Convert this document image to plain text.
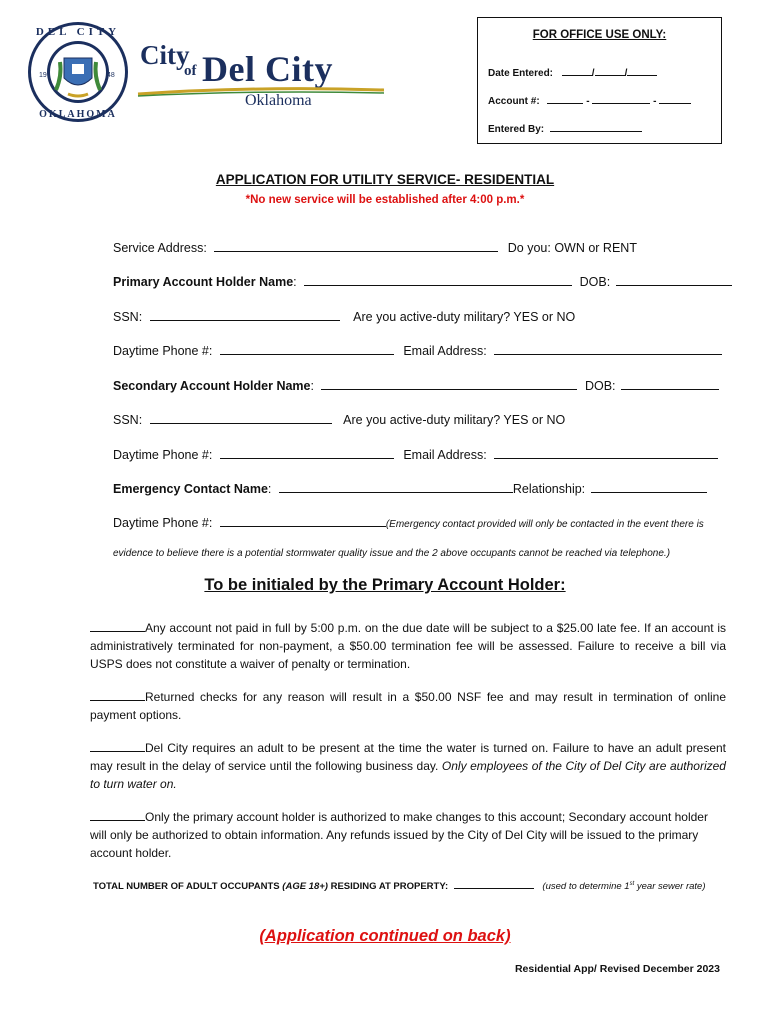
19	48
DEL CITY
OKLAHOMA
City
of Del City
Oklahoma
FOR OFFICE USE ONLY:
Date Entered:	/	/
Account #:	-	-
Entered By:
APPLICATION FOR UTILITY SERVICE- RESIDENTIAL
*No new service will be established after 4:00 p.m.*
Service Address:	Do you: OWN or RENT
Primary Account Holder Name:	DOB:
SSN:	Are you active-duty military? YES or NO
Daytime Phone #:	Email Address:
Secondary Account Holder Name:	DOB:
SSN:	Are you active-duty military? YES or NO
Daytime Phone #:	Email Address:
Emergency Contact Name:	Relationship:
Daytime Phone #:	(Emergency contact provided will only be contacted in the event there is
evidence to believe there is a potential stormwater quality issue and the 2 above occupants cannot be reached via telephone.)
To be initialed by the Primary Account Holder:
Any account not paid in full by 5:00 p.m. on the due date will be subject to a $25.00 late fee. If an account is administratively terminated for non-payment, a $50.00 termination fee will be assessed. Failure to receive a bill via USPS does not constitute a waiver of penalty or termination.
Returned checks for any reason will result in a $50.00 NSF fee and may result in termination of online payment options.
Del City requires an adult to be present at the time the water is turned on. Failure to have an adult present may result in the delay of service until the following business day. Only employees of the City of Del City are authorized to turn water on.
Only the primary account holder is authorized to make changes to this account; Secondary account holder will only be authorized to obtain information. Any refunds issued by the City of Del City will be issued to the primary account holder.
TOTAL NUMBER OF ADULT OCCUPANTS (AGE 18+) RESIDING AT PROPERTY:	(used to determine 1st year sewer rate)
(Application continued on back)
Residential App/ Revised December 2023
